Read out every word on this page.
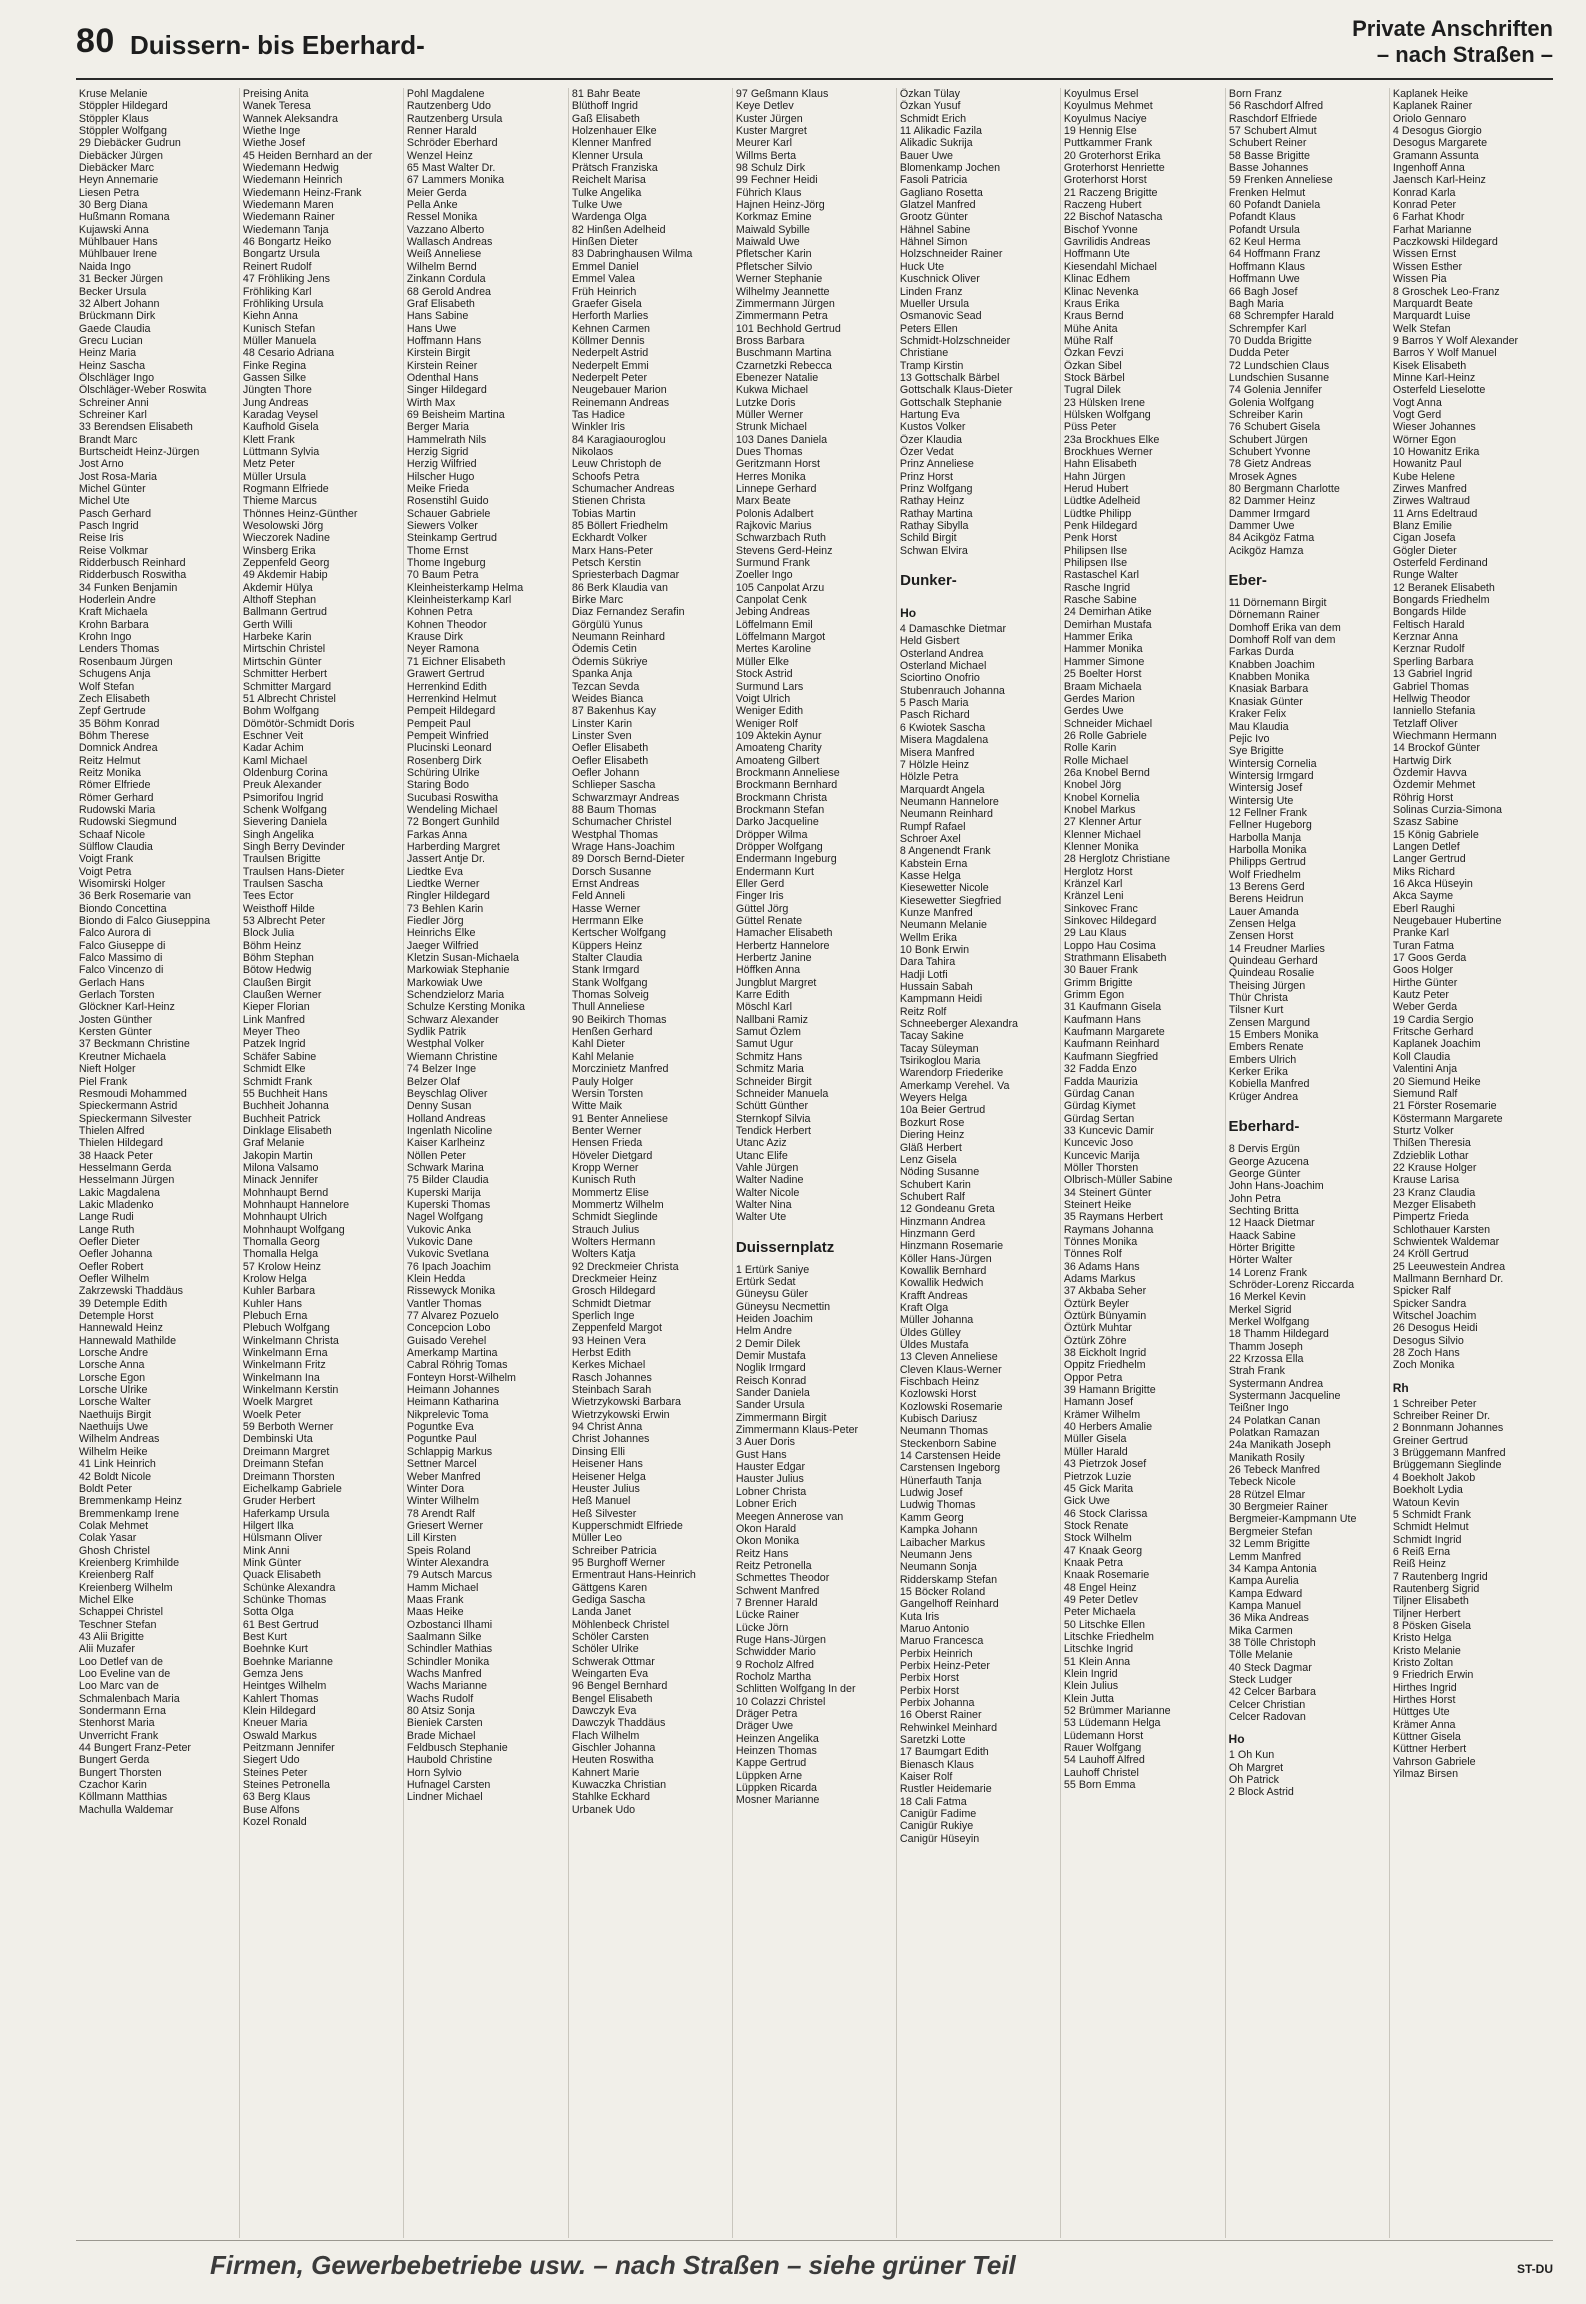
80 Duissern- bis Eberhard-
Private Anschriften
– nach Straßen –
Kruse Melanie
Stöppler Hildegard
Stöppler Klaus
Stöppler Wolfgang
29 Diebäcker Gudrun
Diebäcker Jürgen
Diebäcker Marc
Heyn Annemarie
Liesen Petra
30 Berg Diana
Hußmann Romana
Kujawski Anna
Mühlbauer Hans
Mühlbauer Irene
Naida Ingo
31 Becker Jürgen
Becker Ursula
32 Albert Johann
Brückmann Dirk
Gaede Claudia
Grecu Lucian
Heinz Maria
Heinz Sascha
Ölschläger Ingo
Ölschläger-Weber Roswita
Schreiner Anni
Schreiner Karl
33 Berendsen Elisabeth
Brandt Marc
Burtscheidt Heinz-Jürgen
Jost Arno
Jost Rosa-Maria
Michel Günter
Michel Ute
Pasch Gerhard
Pasch Ingrid
Reise Iris
Reise Volkmar
Ridderbusch Reinhard
Ridderbusch Roswitha
34 Funken Benjamin
Hoderlein Andre
Kraft Michaela
Krohn Barbara
Krohn Ingo
Lenders Thomas
Rosenbaum Jürgen
Schugens Anja
Wolf Stefan
Zech Elisabeth
Zepf Gertrude
35 Böhm Konrad
Böhm Therese
Domnick Andrea
Reitz Helmut
Reitz Monika
Römer Elfriede
Römer Gerhard
Rudowski Maria
Rudowski Siegmund
Schaaf Nicole
Sülflow Claudia
Voigt Frank
Voigt Petra
Wisomirski Holger
36 Berk Rosemarie van
Biondo Concettina
Biondo di Falco Giuseppina
Falco Aurora di
Falco Giuseppe di
Falco Massimo di
Falco Vincenzo di
Gerlach Hans
Gerlach Torsten
Glöckner Karl-Heinz
Josten Günther
Kersten Günter
37 Beckmann Christine
Kreutner Michaela
Nieft Holger
Piel Frank
Resmoudi Mohammed
Spieckermann Astrid
Spieckermann Silvester
Thielen Alfred
Thielen Hildegard
38 Haack Peter
Hesselmann Gerda
Hesselmann Jürgen
Lakic Magdalena
Lakic Mladenko
Lange Rudi
Lange Ruth
Oefler Dieter
Oefler Johanna
Oefler Robert
Oefler Wilhelm
Zakrzewski Thaddäus
39 Detemple Edith
Detemple Horst
Hannewald Heinz
Hannewald Mathilde
Lorsche Andre
Lorsche Anna
Lorsche Egon
Lorsche Ulrike
Lorsche Walter
Naethuijs Birgit
Naethuijs Uwe
Wilhelm Andreas
Wilhelm Heike
41 Link Heinrich
42 Boldt Nicole
Boldt Peter
Bremmenkamp Heinz
Bremmenkamp Irene
Colak Mehmet
Colak Yasar
Ghosh Christel
Kreienberg Krimhilde
Kreienberg Ralf
Kreienberg Wilhelm
Michel Elke
Schappei Christel
Teschner Stefan
43 Alii Brigitte
Alii Muzafer
Loo Detlef van de
Loo Eveline van de
Loo Marc van de
Schmalenbach Maria
Sondermann Erna
Stenhorst Maria
Unverricht Frank
44 Bungert Franz-Peter
Bungert Gerda
Bungert Thorsten
Czachor Karin
Köllmann Matthias
Machulla Waldemar
Preising Anita
Wanek Teresa
Wannek Aleksandra
Wiethe Inge
Wiethe Josef
45 Heiden Bernhard an der
Wiedemann Hedwig
Wiedemann Heinrich
Wiedemann Heinz-Frank
Wiedemann Maren
Wiedemann Rainer
Wiedemann Tanja
46 Bongartz Heiko
Bongartz Ursula
Reinert Rudolf
47 Fröhliking Jens
Fröhliking Karl
Fröhliking Ursula
Kiehn Anna
Kunisch Stefan
Müller Manuela
48 Cesario Adriana
Finke Regina
Gassen Silke
Jüngten Thore
Jung Andreas
Karadag Veysel
Kaufhold Gisela
Klett Frank
Lüttmann Sylvia
Metz Peter
Müller Ursula
Rogmann Elfriede
Thieme Marcus
Thönnes Heinz-Günther
Wesolowski Jörg
Wieczorek Nadine
Winsberg Erika
Zeppenfeld Georg
49 Akdemir Habip
Akdemir Hülya
Althoff Stephan
Ballmann Gertrud
Gerth Willi
Harbeke Karin
Mirtschin Christel
Mirtschin Günter
Schmitter Herbert
Schmitter Margard
51 Albrecht Christel
Bohm Wolfgang
Dömötör-Schmidt Doris
Eschner Veit
Kadar Achim
Kaml Michael
Oldenburg Corina
Preuk Alexander
Psimorifou Ingrid
Schenk Wolfgang
Sievering Daniela
Singh Angelika
Singh Berry Devinder
Traulsen Brigitte
Traulsen Hans-Dieter
Traulsen Sascha
Tees Ector
Weisthoff Hilde
53 Albrecht Peter
Block Julia
Böhm Heinz
Böhm Stephan
Bötow Hedwig
Claußen Birgit
Claußen Werner
Kieper Florian
Link Manfred
Meyer Theo
Patzek Ingrid
Schäfer Sabine
Schmidt Elke
Schmidt Frank
55 Buchheit Hans
Buchheit Johanna
Buchheit Patrick
Dinklage Elisabeth
Graf Melanie
Jakopin Martin
Milona Valsamo
Minack Jennifer
Mohnhaupt Bernd
Mohnhaupt Hannelore
Mohnhaupt Ulrich
Mohnhaupt Wolfgang
Thomalla Georg
Thomalla Helga
57 Krolow Heinz
Krolow Helga
Kuhler Barbara
Kuhler Hans
Plebuch Erna
Plebuch Wolfgang
Winkelmann Christa
Winkelmann Erna
Winkelmann Fritz
Winkelmann Ina
Winkelmann Kerstin
Woelk Margret
Woelk Peter
59 Berboth Werner
Dembinski Uta
Dreimann Margret
Dreimann Stefan
Dreimann Thorsten
Eichelkamp Gabriele
Gruder Herbert
Haferkamp Ursula
Hilgert Ilka
Hülsmann Oliver
Mink Anni
Mink Günter
Quack Elisabeth
Schünke Alexandra
Schünke Thomas
Sotta Olga
61 Best Gertrud
Best Kurt
Boehnke Kurt
Boehnke Marianne
Gemza Jens
Heintges Wilhelm
Kahlert Thomas
Klein Hildegard
Kneuer Maria
Oswald Markus
Peitzmann Jennifer
Siegert Udo
Steines Peter
Steines Petronella
63 Berg Klaus
Buse Alfons
Kozel Ronald
Pohl Magdalene
Rautzenberg Udo
Rautzenberg Ursula
Renner Harald
Schröder Eberhard
Wenzel Heinz
65 Mast Walter Dr.
67 Lammers Monika
Meier Gerda
Pella Anke
Ressel Monika
Vazzano Alberto
Wallasch Andreas
Weiß Anneliese
Wilhelm Bernd
Zinkann Cordula
68 Gerold Andrea
Graf Elisabeth
Hans Sabine
Hans Uwe
Hoffmann Hans
Kirstein Birgit
Kirstein Reiner
Odenthal Hans
Singer Hildegard
Wirth Max
69 Beisheim Martina
Berger Maria
Hammelrath Nils
Herzig Sigrid
Herzig Wilfried
Hilscher Hugo
Meike Frieda
Rosenstihl Guido
Schauer Gabriele
Siewers Volker
Steinkamp Gertrud
Thome Ernst
Thome Ingeburg
70 Baum Petra
Kleinheisterkamp Helma
Kleinheisterkamp Karl
Kohnen Petra
Kohnen Theodor
Krause Dirk
Neyer Ramona
71 Eichner Elisabeth
Grawert Gertrud
Herrenkind Edith
Herrenkind Helmut
Pempeit Hildegard
Pempeit Paul
Pempeit Winfried
Plucinski Leonard
Rosenberg Dirk
Schüring Ulrike
Staring Bodo
Sucubasi Roswitha
Wendeling Michael
72 Bongert Gunhild
Farkas Anna
Harberding Margret
Jassert Antje Dr.
Liedtke Eva
Liedtke Werner
Ringler Hildegard
73 Behlen Karin
Fiedler Jörg
Heinrichs Elke
Jaeger Wilfried
Kletzin Susan-Michaela
Markowiak Stephanie
Markowiak Uwe
Schendzielorz Maria
Schulze Kersting Monika
Schwarz Alexander
Sydlik Patrik
Westphal Volker
Wiemann Christine
74 Belzer Inge
Belzer Olaf
Beyschlag Oliver
Denny Susan
Holland Andreas
Ingenlath Nicoline
Kaiser Karlheinz
Nöllen Peter
Schwark Marina
75 Bilder Claudia
Kuperski Marija
Kuperski Thomas
Nagel Wolfgang
Vukovic Anka
Vukovic Dane
Vukovic Svetlana
76 Ipach Joachim
Klein Hedda
Rissewyck Monika
Vantler Thomas
77 Alvarez Pozuelo
Concepcion Lobo
Guisado Verehel
Amerkamp Martina
Cabral Röhrig Tomas
Fonteyn Horst-Wilhelm
Heimann Johannes
Heimann Katharina
Nikprelevic Toma
Poguntke Eva
Poguntke Paul
Schlappig Markus
Settner Marcel
Weber Manfred
Winter Dora
Winter Wilhelm
78 Arendt Ralf
Griesert Werner
Lill Kirsten
Speis Roland
Winter Alexandra
79 Autsch Marcus
Hamm Michael
Maas Frank
Maas Heike
Ozbostanci Ilhami
Saalmann Silke
Schindler Mathias
Schindler Monika
Wachs Manfred
Wachs Marianne
Wachs Rudolf
80 Atsiz Sonja
Bieniek Carsten
Brade Michael
Feldbusch Stephanie
Haubold Christine
Horn Sylvio
Hufnagel Carsten
Lindner Michael
81 Bahr Beate
Blüthoff Ingrid
Gaß Elisabeth
Holzenhauer Elke
Klenner Manfred
Klenner Ursula
Prätsch Franziska
Reichelt Marisa
Tulke Angelika
Tulke Uwe
Wardenga Olga
82 Hinßen Adelheid
Hinßen Dieter
83 Dabringhausen Wilma
Emmel Daniel
Emmel Valea
Früh Heinrich
Graefer Gisela
Herforth Marlies
Kehnen Carmen
Köllmer Dennis
Nederpelt Astrid
Nederpelt Emmi
Nederpelt Peter
Neugebauer Marion
Reinemann Andreas
Tas Hadice
Winkler Iris
84 Karagiaouroglou
Nikolaos
Leuw Christoph de
Schoofs Petra
Schumacher Andreas
Stienen Christa
Tobias Martin
85 Böllert Friedhelm
Eckhardt Volker
Marx Hans-Peter
Petsch Kerstin
Spriesterbach Dagmar
86 Berk Klaudia van
Birke Marc
Diaz Fernandez Serafin
Görgülü Yunus
Neumann Reinhard
Ödemis Cetin
Ödemis Sükriye
Spanka Anja
Tezcan Sevda
Weides Bianca
87 Bakenhus Kay
Linster Karin
Linster Sven
Oefler Elisabeth
Oefler Elisabeth
Oefler Johann
Schlieper Sascha
Schwarzmayr Andreas
88 Baum Thomas
Schumacher Christel
Westphal Thomas
Wrage Hans-Joachim
89 Dorsch Bernd-Dieter
Dorsch Susanne
Ernst Andreas
Feld Anneli
Hasse Werner
Herrmann Elke
Kertscher Wolfgang
Küppers Heinz
Stalter Claudia
Stank Irmgard
Stank Wolfgang
Thomas Solveig
Thull Anneliese
90 Beikirch Thomas
Henßen Gerhard
Kahl Dieter
Kahl Melanie
Morczinietz Manfred
Pauly Holger
Wersin Torsten
Witte Maik
91 Benter Anneliese
Benter Werner
Hensen Frieda
Höveler Dietgard
Kropp Werner
Kunisch Ruth
Mommertz Elise
Mommertz Wilhelm
Schmidt Sieglinde
Strauch Julius
Wolters Hermann
Wolters Katja
92 Dreckmeier Christa
Dreckmeier Heinz
Grosch Hildegard
Schmidt Dietmar
Sperlich Inge
Zeppenfeld Margot
93 Heinen Vera
Herbst Edith
Kerkes Michael
Rasch Johannes
Steinbach Sarah
Wietrzykowski Barbara
Wietrzykowski Erwin
94 Christ Anna
Christ Johannes
Dinsing Elli
Heisener Hans
Heisener Helga
Heuster Julius
Heß Manuel
Heß Silvester
Kupperschmidt Elfriede
Müller Leo
Schreiber Patricia
95 Burghoff Werner
Ermentraut Hans-Heinrich
Gättgens Karen
Gediga Sascha
Landa Janet
Möhlenbeck Christel
Schöler Carsten
Schöler Ulrike
Schwerak Ottmar
Weingarten Eva
96 Bengel Bernhard
Bengel Elisabeth
Dawczyk Eva
Dawczyk Thaddäus
Flach Wilhelm
Gischler Johanna
Heuten Roswitha
Kahnert Marie
Kuwaczka Christian
Stahlke Eckhard
Urbanek Udo
97 Geßmann Klaus
Keye Detlev
Kuster Jürgen
Kuster Margret
Meurer Karl
Willms Berta
98 Schulz Dirk
99 Fechner Heidi
Führich Klaus
Hajnen Heinz-Jörg
Korkmaz Emine
Maiwald Sybille
Maiwald Uwe
Pfletscher Karin
Pfletscher Silvio
Werner Stephanie
Wilhelmy Jeannette
Zimmermann Jürgen
Zimmermann Petra
101 Bechhold Gertrud
Bross Barbara
Buschmann Martina
Czarnetzki Rebecca
Ebenezer Natalie
Kukwa Michael
Lutzke Doris
Müller Werner
Strunk Michael
103 Danes Daniela
Dues Thomas
Geritzmann Horst
Herres Monika
Linnepe Gerhard
Marx Beate
Polonis Adalbert
Rajkovic Marius
Schwarzbach Ruth
Stevens Gerd-Heinz
Surmund Frank
Zoeller Ingo
105 Canpolat Arzu
Canpolat Cenk
Jebing Andreas
Löffelmann Emil
Löffelmann Margot
Mertes Karoline
Müller Elke
Stock Astrid
Surmund Lars
Voigt Ulrich
Weniger Edith
Weniger Rolf
109 Aktekin Aynur
Amoateng Charity
Amoateng Gilbert
Brockmann Anneliese
Brockmann Bernhard
Brockmann Christa
Brockmann Stefan
Darko Jacqueline
Dröpper Wilma
Dröpper Wolfgang
Endermann Ingeburg
Endermann Kurt
Eller Gerd
Finger Iris
Güttel Jörg
Güttel Renate
Hamacher Elisabeth
Herbertz Hannelore
Herbertz Janine
Höffken Anna
Jungblut Margret
Karre Edith
Möschl Karl
Nallbani Ramiz
Samut Özlem
Samut Ugur
Schmitz Hans
Schmitz Maria
Schneider Birgit
Schneider Manuela
Schütt Günther
Sternkopf Silvia
Tendick Herbert
Utanc Aziz
Utanc Elife
Vahle Jürgen
Walter Nadine
Walter Nicole
Walter Nina
Walter Ute
Duissernplatz
1 Ertürk Saniye
Ertürk Sedat
Güneysu Güler
Güneysu Necmettin
Heiden Joachim
Helm Andre
2 Demir Dilek
Demir Mustafa
Noglik Irmgard
Reisch Konrad
Sander Daniela
Sander Ursula
Zimmermann Birgit
Zimmermann Klaus-Peter
3 Auer Doris
Gust Hans
Hauster Edgar
Hauster Julius
Lobner Christa
Lobner Erich
Meegen Annerose van
Okon Harald
Okon Monika
Reitz Hans
Reitz Petronella
Schmettes Theodor
Schwent Manfred
7 Brenner Harald
Lücke Rainer
Lücke Jörn
Ruge Hans-Jürgen
Schwidder Mario
9 Rocholz Alfred
Rocholz Martha
Schlitten Wolfgang In der
10 Colazzi Christel
Dräger Petra
Dräger Uwe
Heinzen Angelika
Heinzen Thomas
Kappe Gertrud
Lüppken Arne
Lüppken Ricarda
Mosner Marianne
Özkan Tülay
Özkan Yusuf
Schmidt Erich
11 Alikadic Fazila
Alikadic Sukrija
Bauer Uwe
Blomenkamp Jochen
Fasoli Patricia
Gagliano Rosetta
Glatzel Manfred
Grootz Günter
Hähnel Sabine
Hähnel Simon
Holzschneider Rainer
Huck Ute
Kuschnick Oliver
Linden Franz
Mueller Ursula
Osmanovic Sead
Peters Ellen
Schmidt-Holzschneider
Christiane
Tramp Kirstin
13 Gottschalk Bärbel
Gottschalk Klaus-Dieter
Gottschalk Stephanie
Hartung Eva
Kustos Volker
Özer Klaudia
Özer Vedat
Prinz Anneliese
Prinz Horst
Prinz Wolfgang
Rathay Heinz
Rathay Martina
Rathay Sibylla
Schild Birgit
Schwan Elvira
Dunker-
Ho
4 Damaschke Dietmar
Held Gisbert
Osterland Andrea
Osterland Michael
Sciortino Onofrio
Stubenrauch Johanna
5 Pasch Maria
Pasch Richard
6 Kwiotek Sascha
Misera Magdalena
Misera Manfred
7 Hölzle Heinz
Hölzle Petra
Marquardt Angela
Neumann Hannelore
Neumann Reinhard
Rumpf Rafael
Schroer Axel
8 Angenendt Frank
Kabstein Erna
Kasse Helga
Kiesewetter Nicole
Kiesewetter Siegfried
Kunze Manfred
Neumann Melanie
Wellm Erika
10 Bonk Erwin
Dara Tahira
Hadji Lotfi
Hussain Sabah
Kampmann Heidi
Reitz Rolf
Schneeberger Alexandra
Tacay Sakine
Tacay Süleyman
Tsirikoglou Maria
Warendorp Friederike
Amerkamp Verehel. Va
Weyers Helga
10a Beier Gertrud
Bozkurt Rose
Diering Heinz
Gläß Herbert
Lenz Gisela
Nöding Susanne
Schubert Karin
Schubert Ralf
12 Gondeanu Greta
Hinzmann Andrea
Hinzmann Gerd
Hinzmann Rosemarie
Köller Hans-Jürgen
Kowallik Bernhard
Kowallik Hedwich
Krafft Andreas
Kraft Olga
Müller Johanna
Üldes Gülley
Üldes Mustafa
13 Cleven Anneliese
Cleven Klaus-Werner
Fischbach Heinz
Kozlowski Horst
Kozlowski Rosemarie
Kubisch Dariusz
Neumann Thomas
Steckenborn Sabine
14 Carstensen Heide
Carstensen Ingeborg
Hünerfauth Tanja
Ludwig Josef
Ludwig Thomas
Kamm Georg
Kampka Johann
Laibacher Markus
Neumann Jens
Neumann Sonja
Ridderskamp Stefan
15 Böcker Roland
Gangelhoff Reinhard
Kuta Iris
Maruo Antonio
Maruo Francesca
Perbix Heinrich
Perbix Heinz-Peter
Perbix Horst
Perbix Horst
Perbix Johanna
16 Oberst Rainer
Rehwinkel Meinhard
Saretzki Lotte
17 Baumgart Edith
Bienasch Klaus
Kaiser Rolf
Rustler Heidemarie
18 Cali Fatma
Canigür Fadime
Canigür Rukiye
Canigür Hüseyin
Koyulmus Ersel
Koyulmus Mehmet
Koyulmus Naciye
19 Hennig Else
Puttkammer Frank
20 Groterhorst Erika
Groterhorst Henriette
Groterhorst Horst
21 Raczeng Brigitte
Raczeng Hubert
22 Bischof Natascha
Bischof Yvonne
Gavrilidis Andreas
Hoffmann Ute
Kiesendahl Michael
Klinac Edhem
Klinac Nevenka
Kraus Erika
Kraus Bernd
Mühe Anita
Mühe Ralf
Özkan Fevzi
Özkan Sibel
Stock Bärbel
Tugral Dilek
23 Hülsken Irene
Hülsken Wolfgang
Püss Peter
23a Brockhues Elke
Brockhues Werner
Hahn Elisabeth
Hahn Jürgen
Herud Hubert
Lüdtke Adelheid
Lüdtke Philipp
Penk Hildegard
Penk Horst
Philipsen Ilse
Philipsen Ilse
Rastaschel Karl
Rasche Ingrid
Rasche Sabine
24 Demirhan Atike
Demirhan Mustafa
Hammer Erika
Hammer Monika
Hammer Simone
25 Boelter Horst
Braam Michaela
Gerdes Marion
Gerdes Uwe
Schneider Michael
26 Rolle Gabriele
Rolle Karin
Rolle Michael
26a Knobel Bernd
Knobel Jörg
Knobel Kornelia
Knobel Markus
27 Klenner Artur
Klenner Michael
Klenner Monika
28 Herglotz Christiane
Herglotz Horst
Kränzel Karl
Kränzel Leni
Sinkovec Franc
Sinkovec Hildegard
29 Lau Klaus
Loppo Hau Cosima
Strathmann Elisabeth
30 Bauer Frank
Grimm Brigitte
Grimm Egon
31 Kaufmann Gisela
Kaufmann Hans
Kaufmann Margarete
Kaufmann Reinhard
Kaufmann Siegfried
32 Fadda Enzo
Fadda Maurizia
Gürdag Canan
Gürdag Kiymet
Gürdag Sertan
33 Kuncevic Damir
Kuncevic Joso
Kuncevic Marija
Möller Thorsten
Olbrisch-Müller Sabine
34 Steinert Günter
Steinert Heike
35 Raymans Herbert
Raymans Johanna
Tönnes Monika
Tönnes Rolf
36 Adams Hans
Adams Markus
37 Akbaba Seher
Öztürk Beyler
Öztürk Bünyamin
Öztürk Muhtar
Öztürk Zöhre
38 Eickholt Ingrid
Oppitz Friedhelm
Oppor Petra
39 Hamann Brigitte
Hamann Josef
Krämer Wilhelm
40 Herbers Amalie
Müller Gisela
Müller Harald
43 Pietrzok Josef
Pietrzok Luzie
45 Gick Marita
Gick Uwe
46 Stock Clarissa
Stock Renate
Stock Wilhelm
47 Knaak Georg
Knaak Petra
Knaak Rosemarie
48 Engel Heinz
49 Peter Detlev
Peter Michaela
50 Litschke Ellen
Litschke Friedhelm
Litschke Ingrid
51 Klein Anna
Klein Ingrid
Klein Julius
Klein Jutta
52 Brümmer Marianne
53 Lüdemann Helga
Lüdemann Horst
Rauer Wolfgang
54 Lauhoff Alfred
Lauhoff Christel
55 Born Emma
Born Franz
56 Raschdorf Alfred
Raschdorf Elfriede
57 Schubert Almut
Schubert Reiner
58 Basse Brigitte
Basse Johannes
59 Frenken Anneliese
Frenken Helmut
60 Pofandt Daniela
Pofandt Klaus
Pofandt Ursula
62 Keul Herma
64 Hoffmann Franz
Hoffmann Klaus
Hoffmann Uwe
66 Bagh Josef
Bagh Maria
68 Schrempfer Harald
Schrempfer Karl
70 Dudda Brigitte
Dudda Peter
72 Lundschien Claus
Lundschien Susanne
74 Golenia Jennifer
Golenia Wolfgang
Schreiber Karin
76 Schubert Gisela
Schubert Jürgen
Schubert Yvonne
78 Gietz Andreas
Mrosek Agnes
80 Bergmann Charlotte
82 Dammer Heinz
Dammer Irmgard
Dammer Uwe
84 Acikgöz Fatma
Acikgöz Hamza
Eber-
11 Dörnemann Birgit
Dörnemann Rainer
Domhoff Erika van dem
Domhoff Rolf van dem
Farkas Durda
Knabben Joachim
Knabben Monika
Knasiak Barbara
Knasiak Günter
Kraker Felix
Mau Klaudia
Pejic Ivo
Sye Brigitte
Wintersig Cornelia
Wintersig Irmgard
Wintersig Josef
Wintersig Ute
12 Fellner Frank
Fellner Hugeborg
Harbolla Manja
Harbolla Monika
Philipps Gertrud
Wolf Friedhelm
13 Berens Gerd
Berens Heidrun
Lauer Amanda
Zensen Helga
Zensen Horst
14 Freudner Marlies
Quindeau Gerhard
Quindeau Rosalie
Theising Jürgen
Thür Christa
Tilsner Kurt
Zensen Margund
15 Embers Monika
Embers Renate
Embers Ulrich
Kerker Erika
Kobiella Manfred
Krüger Andrea
Eberhard-
8 Dervis Ergün
George Azucena
George Günter
John Hans-Joachim
John Petra
Sechting Britta
12 Haack Dietmar
Haack Sabine
Hörter Brigitte
Hörter Walter
14 Lorenz Frank
Schröder-Lorenz Riccarda
16 Merkel Kevin
Merkel Sigrid
Merkel Wolfgang
18 Thamm Hildegard
Thamm Joseph
22 Krzossa Ella
Strah Frank
Systermann Andrea
Systermann Jacqueline
Teißner Ingo
24 Polatkan Canan
Polatkan Ramazan
24a Manikath Joseph
Manikath Rosily
26 Tebeck Manfred
Tebeck Nicole
28 Rützel Elmar
30 Bergmeier Rainer
Bergmeier-Kampmann Ute
Bergmeier Stefan
32 Lemm Brigitte
Lemm Manfred
34 Kampa Antonia
Kampa Aurelia
Kampa Edward
Kampa Manuel
36 Mika Andreas
Mika Carmen
38 Tölle Christoph
Tölle Melanie
40 Steck Dagmar
Steck Ludger
42 Celcer Barbara
Celcer Christian
Celcer Radovan
Ho
1 Oh Kun
Oh Margret
Oh Patrick
2 Block Astrid
Kaplanek Heike
Kaplanek Rainer
Oriolo Gennaro
4 Desogus Giorgio
Desogus Margarete
Gramann Assunta
Ingenhoff Anna
Jaensch Karl-Heinz
Konrad Karla
Konrad Peter
6 Farhat Khodr
Farhat Marianne
Paczkowski Hildegard
Wissen Ernst
Wissen Esther
Wissen Pia
8 Groschek Leo-Franz
Marquardt Beate
Marquardt Luise
Welk Stefan
9 Barros Y Wolf Alexander
Barros Y Wolf Manuel
Kisek Elisabeth
Minne Karl-Heinz
Osterfeld Lieselotte
Vogt Anna
Vogt Gerd
Wieser Johannes
Wörner Egon
10 Howanitz Erika
Howanitz Paul
Kube Helene
Zirwes Manfred
Zirwes Waltraud
11 Arns Edeltraud
Blanz Emilie
Cigan Josefa
Gögler Dieter
Osterfeld Ferdinand
Runge Walter
12 Beranek Elisabeth
Bongards Friedhelm
Bongards Hilde
Feltisch Harald
Kerznar Anna
Kerznar Rudolf
Sperling Barbara
13 Gabriel Ingrid
Gabriel Thomas
Hellwig Theodor
Ianniello Stefania
Tetzlaff Oliver
Wiechmann Hermann
14 Brockof Günter
Hartwig Dirk
Özdemir Havva
Özdemir Mehmet
Röhrig Horst
Solinas Curzia-Simona
Szasz Sabine
15 König Gabriele
Langen Detlef
Langer Gertrud
Miks Richard
16 Akca Hüseyin
Akca Sayme
Eberl Raughi
Neugebauer Hubertine
Pranke Karl
Turan Fatma
17 Goos Gerda
Goos Holger
Hirthe Günter
Kautz Peter
Weber Gerda
19 Cardia Sergio
Fritsche Gerhard
Kaplanek Joachim
Koll Claudia
Valentini Anja
20 Siemund Heike
Siemund Ralf
21 Förster Rosemarie
Köstermann Margarete
Sturtz Volker
Thißen Theresia
Zdzieblik Lothar
22 Krause Holger
Krause Larisa
23 Kranz Claudia
Mezger Elisabeth
Pimpertz Frieda
Schlothauer Karsten
Schwientek Waldemar
24 Kröll Gertrud
25 Leeuwestein Andrea
Mallmann Bernhard Dr.
Spicker Ralf
Spicker Sandra
Witschel Joachim
26 Desogus Heidi
Desogus Silvio
28 Zoch Hans
Zoch Monika
Rh
1 Schreiber Peter
Schreiber Reiner Dr.
2 Bonnmann Johannes
Greiner Gertrud
3 Brüggemann Manfred
Brüggemann Sieglinde
4 Boekholt Jakob
Boekholt Lydia
Watoun Kevin
5 Schmidt Frank
Schmidt Helmut
Schmidt Ingrid
6 Reiß Erna
Reiß Heinz
7 Rautenberg Ingrid
Rautenberg Sigrid
Tiljner Elisabeth
Tiljner Herbert
8 Pösken Gisela
Kristo Helga
Kristo Melanie
Kristo Zoltan
9 Friedrich Erwin
Hirthes Ingrid
Hirthes Horst
Hüttges Ute
Krämer Anna
Küttner Gisela
Küttner Herbert
Vahrson Gabriele
Yilmaz Birsen
Firmen, Gewerbebetriebe usw. – nach Straßen – siehe grüner Teil	ST-DU
